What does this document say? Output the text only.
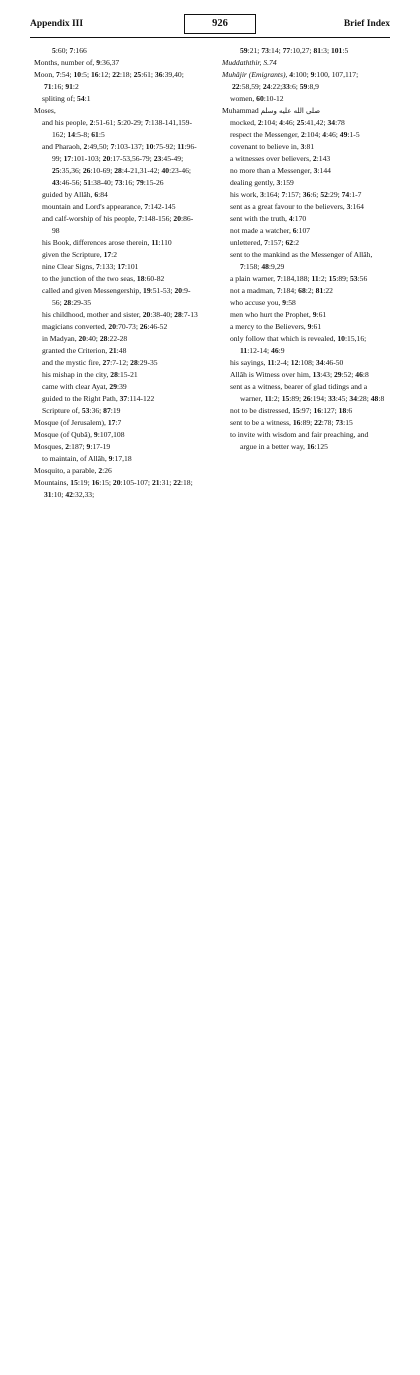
Appendix III	926	Brief Index

5:60; 7:166

Months, number of, 9:36,37

Moon, 7:54; 10:5; 16:12; 22:18; 25:61; 36:39,40; 71:16; 91:2

spliting of; 54:1

Moses,

and his people, 2:51-61; 5:20-29; 7:138-141,159-162; 14:5-8; 61:5

and Pharaoh, 2:49,50; 7:103-137; 10:75-92; 11:96-99; 17:101-103; 20:17-53,56-79; 23:45-49; 25:35,36; 26:10-69; 28:4-21,31-42; 40:23-46; 43:46-56; 51:38-40; 73:16; 79:15-26

guided by Allâh, 6:84

mountain and Lord's appearance, 7:142-145

and calf-worship of his people, 7:148-156; 20:86-98

his Book, differences arose therein, 11:110

given the Scripture, 17:2

nine Clear Signs, 7:133; 17:101

to the junction of the two seas, 18:60-82

called and given Messengership, 19:51-53; 20:9-56; 28:29-35

his childhood, mother and sister, 20:38-40; 28:7-13

magicians converted, 20:70-73; 26:46-52

in Madyan, 20:40; 28:22-28

granted the Criterion, 21:48

and the mystic fire, 27:7-12; 28:29-35

his mishap in the city, 28:15-21

came with clear Ayat, 29:39

guided to the Right Path, 37:114-122

Scripture of, 53:36; 87:19

Mosque (of Jerusalem), 17:7

Mosque (of Qubâ), 9:107,108

Mosques, 2:187; 9:17-19

to maintain, of Allâh, 9:17,18

Mosquito, a parable, 2:26

Mountains, 15:19; 16:15; 20:105-107; 21:31; 22:18; 31:10; 42:32,33;

59:21; 73:14; 77:10,27; 81:3; 101:5

Muddaththir, S.74

Muhâjir (Emigrants), 4:100; 9:100, 107,117; 22:58,59; 24:22;33:6; 59:8,9

women, 60:10-12

Muhammad صلى الله عليه وسلم

mocked, 2:104; 4:46; 25:41,42; 34:78

respect the Messenger, 2:104; 4:46; 49:1-5

covenant to believe in, 3:81

a witnesses over believers, 2:143

no more than a Messenger, 3:144

dealing gently, 3:159

his work, 3:164; 7:157; 36:6; 52:29; 74:1-7

sent as a great favour to the believers, 3:164

sent with the truth, 4:170

not made a watcher, 6:107

unlettered, 7:157; 62:2

sent to the mankind as the Messenger of Allâh, 7:158; 48:9,29

a plain warner, 7:184,188; 11:2; 15:89; 53:56

not a madman, 7:184; 68:2; 81:22

who accuse you, 9:58

men who hurt the Prophet, 9:61

a mercy to the Believers, 9:61

only follow that which is revealed, 10:15,16; 11:12-14; 46:9

his sayings, 11:2-4; 12:108; 34:46-50

Allâh is Witness over him, 13:43; 29:52; 46:8

sent as a witness, bearer of glad tidings and a warner, 11:2; 15:89; 26:194; 33:45; 34:28; 48:8

not to be distressed, 15:97; 16:127; 18:6

sent to be a witness, 16:89; 22:78; 73:15

to invite with wisdom and fair preaching, and argue in a better way, 16:125
